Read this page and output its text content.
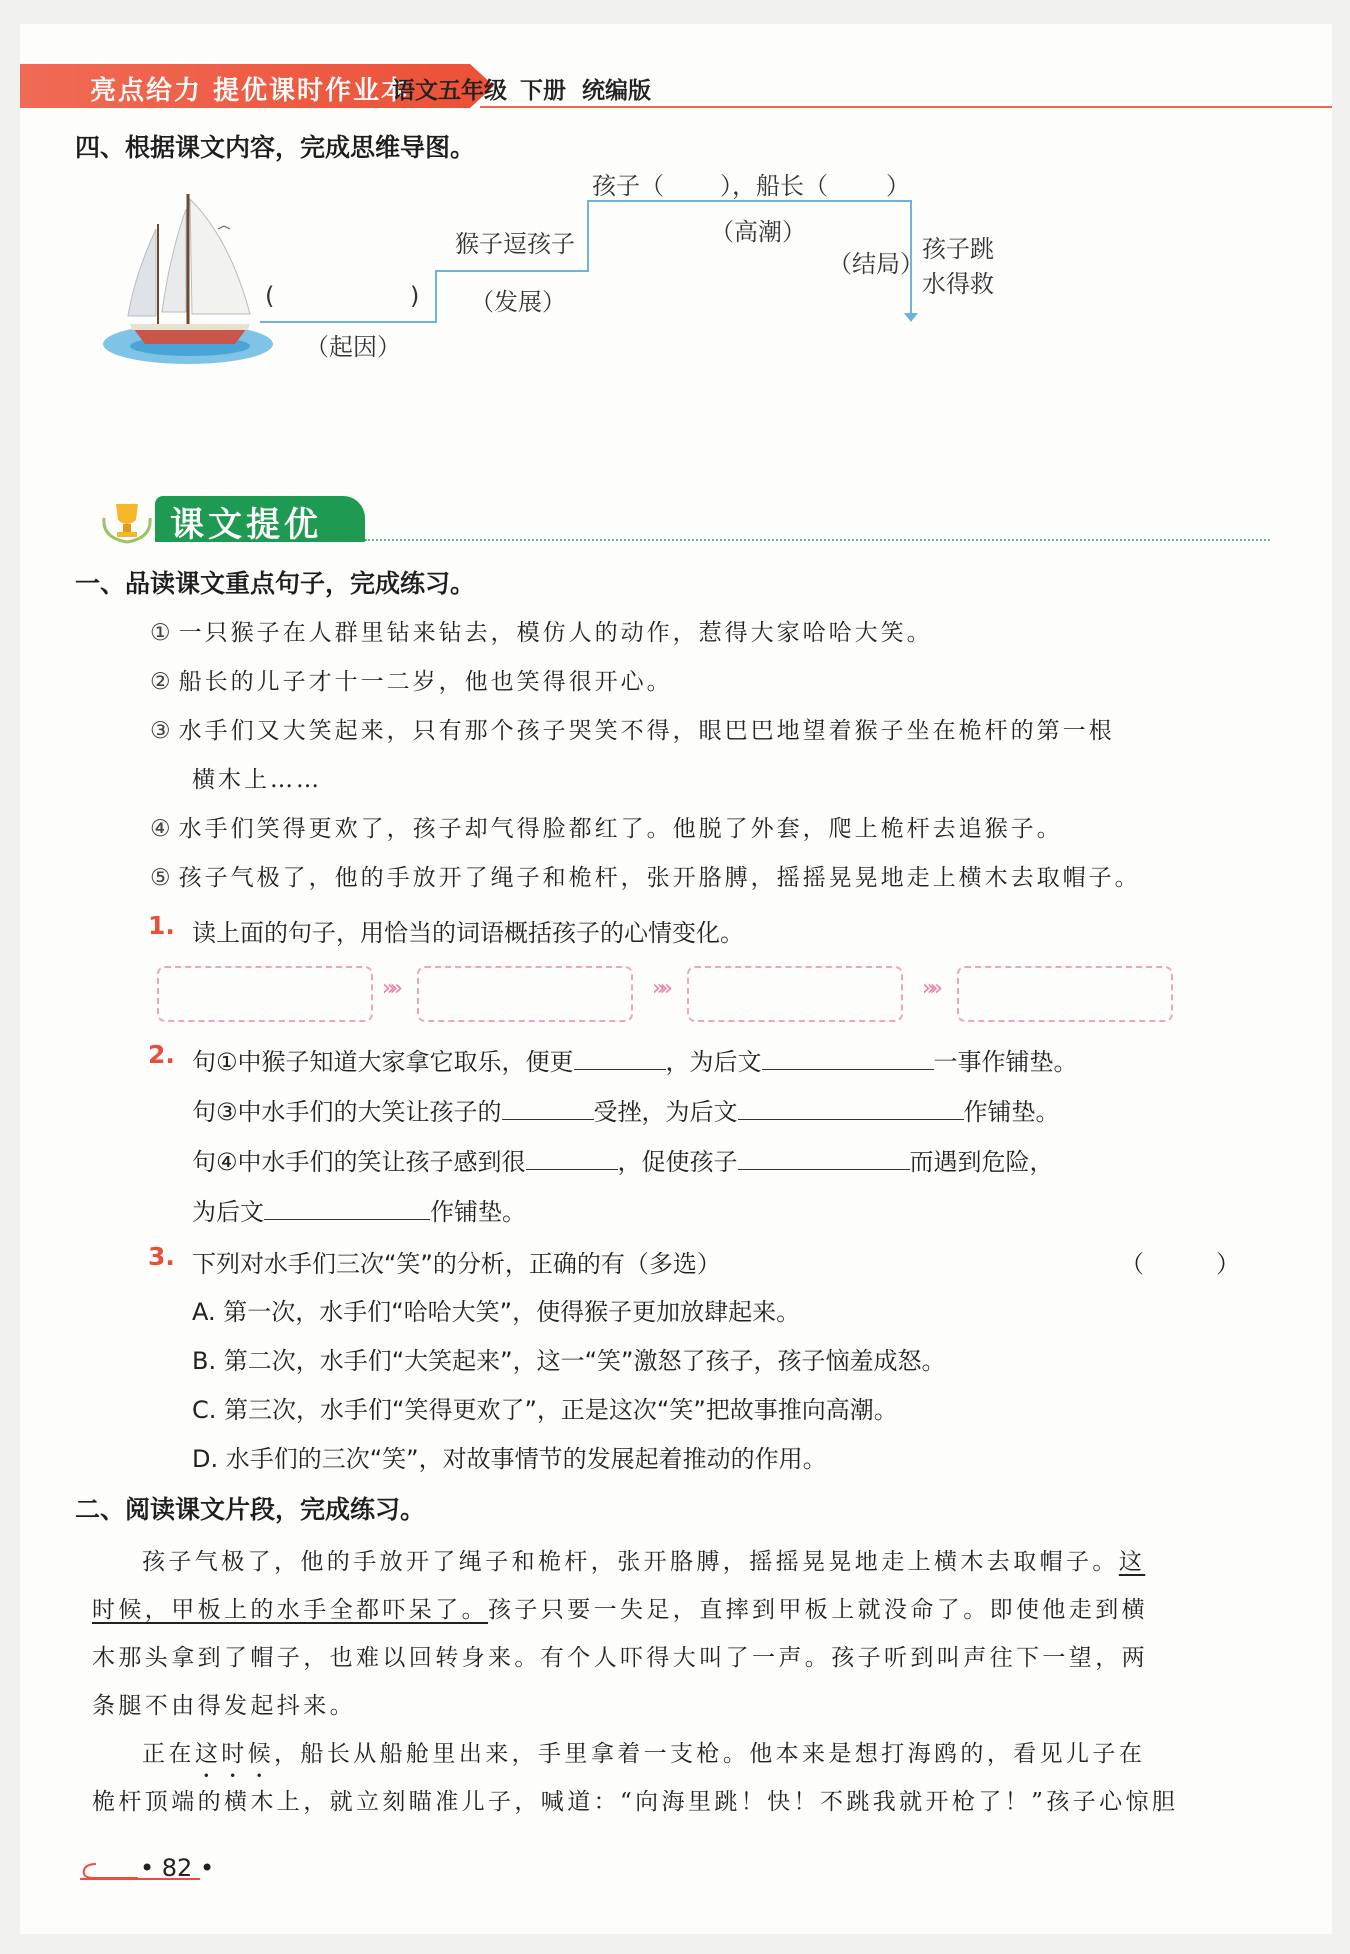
亮点给力 提优课时作业本
语文五年级 下册 统编版
四、根据课文内容，完成思维导图。
(	)
（起因）
猴子逗孩子
（发展）
孩子（ ），船长（ ）
（高潮）
（结局）
孩子跳
水得救
课文提优
一、品读课文重点句子，完成练习。
① 一只猴子在人群里钻来钻去，模仿人的动作，惹得大家哈哈大笑。
② 船长的儿子才十一二岁，他也笑得很开心。
③ 水手们又大笑起来，只有那个孩子哭笑不得，眼巴巴地望着猴子坐在桅杆的第一根
横木上……
④ 水手们笑得更欢了，孩子却气得脸都红了。他脱了外套，爬上桅杆去追猴子。
⑤ 孩子气极了，他的手放开了绳子和桅杆，张开胳膊，摇摇晃晃地走上横木去取帽子。
1. 读上面的句子，用恰当的词语概括孩子的心情变化。
»»	»»	»»
2. 句①中猴子知道大家拿它取乐，便更	，为后文	一事作铺垫。
句③中水手们的大笑让孩子的	受挫，为后文	作铺垫。
句④中水手们的笑让孩子感到很	，促使孩子	而遇到危险，
为后文	作铺垫。
3. 下列对水手们三次“笑”的分析，正确的有（多选）	（　　　）
A. 第一次，水手们“哈哈大笑”，使得猴子更加放肆起来。
B. 第二次，水手们“大笑起来”，这一“笑”激怒了孩子，孩子恼羞成怒。
C. 第三次，水手们“笑得更欢了”，正是这次“笑”把故事推向高潮。
D. 水手们的三次“笑”，对故事情节的发展起着推动的作用。
二、阅读课文片段，完成练习。
孩子气极了，他的手放开了绳子和桅杆，张开胳膊，摇摇晃晃地走上横木去取帽子。这
时候，甲板上的水手全都吓呆了。孩子只要一失足，直摔到甲板上就没命了。即使他走到横
木那头拿到了帽子，也难以回转身来。有个人吓得大叫了一声。孩子听到叫声往下一望，两
条腿不由得发起抖来。
正在这时候，船长从船舱里出来，手里拿着一支枪。他本来是想打海鸥的，看见儿子在
桅杆顶端的横木上，就立刻瞄准儿子，喊道：“向海里跳！快！不跳我就开枪了！”孩子心惊胆
• 82 •
